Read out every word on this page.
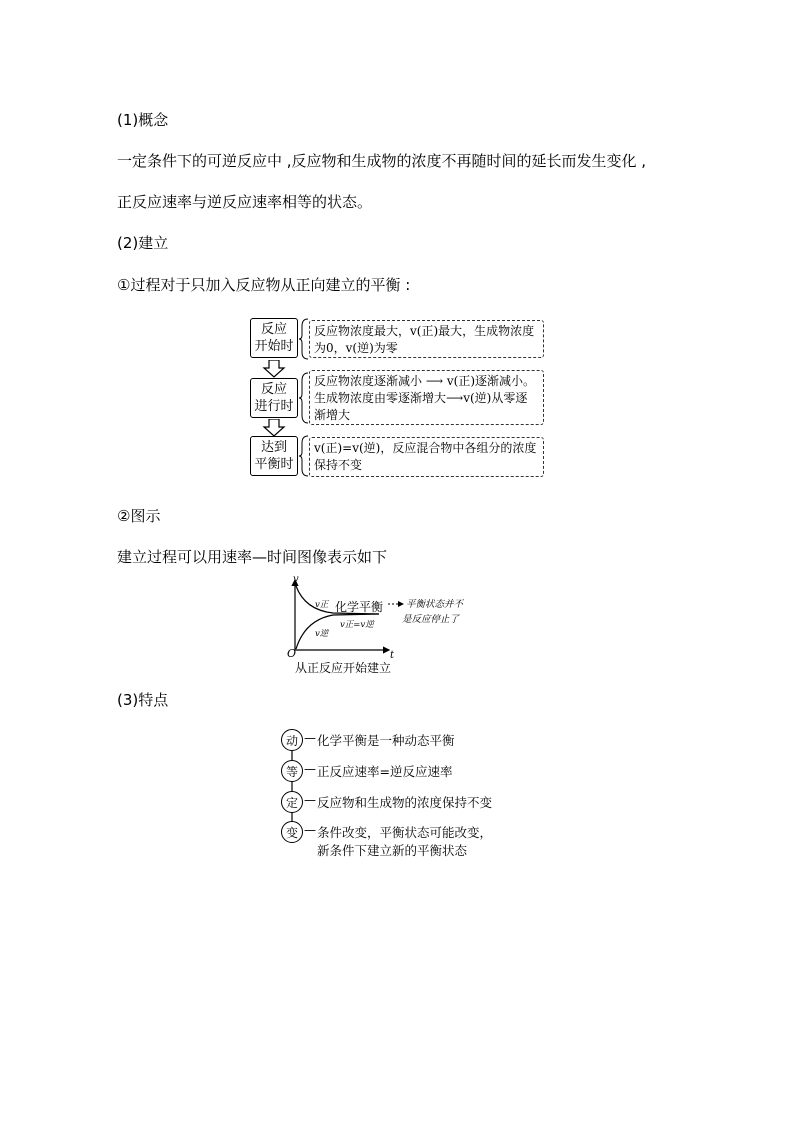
(1)概念

一定条件下的可逆反应中 ,反应物和生成物的浓度不再随时间的延长而发生变化 ,

正反应速率与逆反应速率相等的状态。

(2)建立

①过程对于只加入反应物从正向建立的平衡 :

反应
开始时
反应物浓度最大，v(正)最大，生成物浓度为0，v(逆)为零
反应
进行时
反应物浓度逐渐减小 ⟶ v(正)逐渐减小。生成物浓度由零逐渐增大⟶v(逆)从零逐渐增大
达到
平衡时
v(正)=v(逆)，反应混合物中各组分的浓度保持不变

②图示

建立过程可以用速率—时间图像表示如下

v
t
O
v正
v逆
化学平衡
v正=v逆
平衡状态并不
是反应停止了
从正反应开始建立

(3)特点

动 — 化学平衡是一种动态平衡
等 — 正反应速率=逆反应速率
定 — 反应物和生成物的浓度保持不变
变 — 条件改变，平衡状态可能改变，
新条件下建立新的平衡状态
